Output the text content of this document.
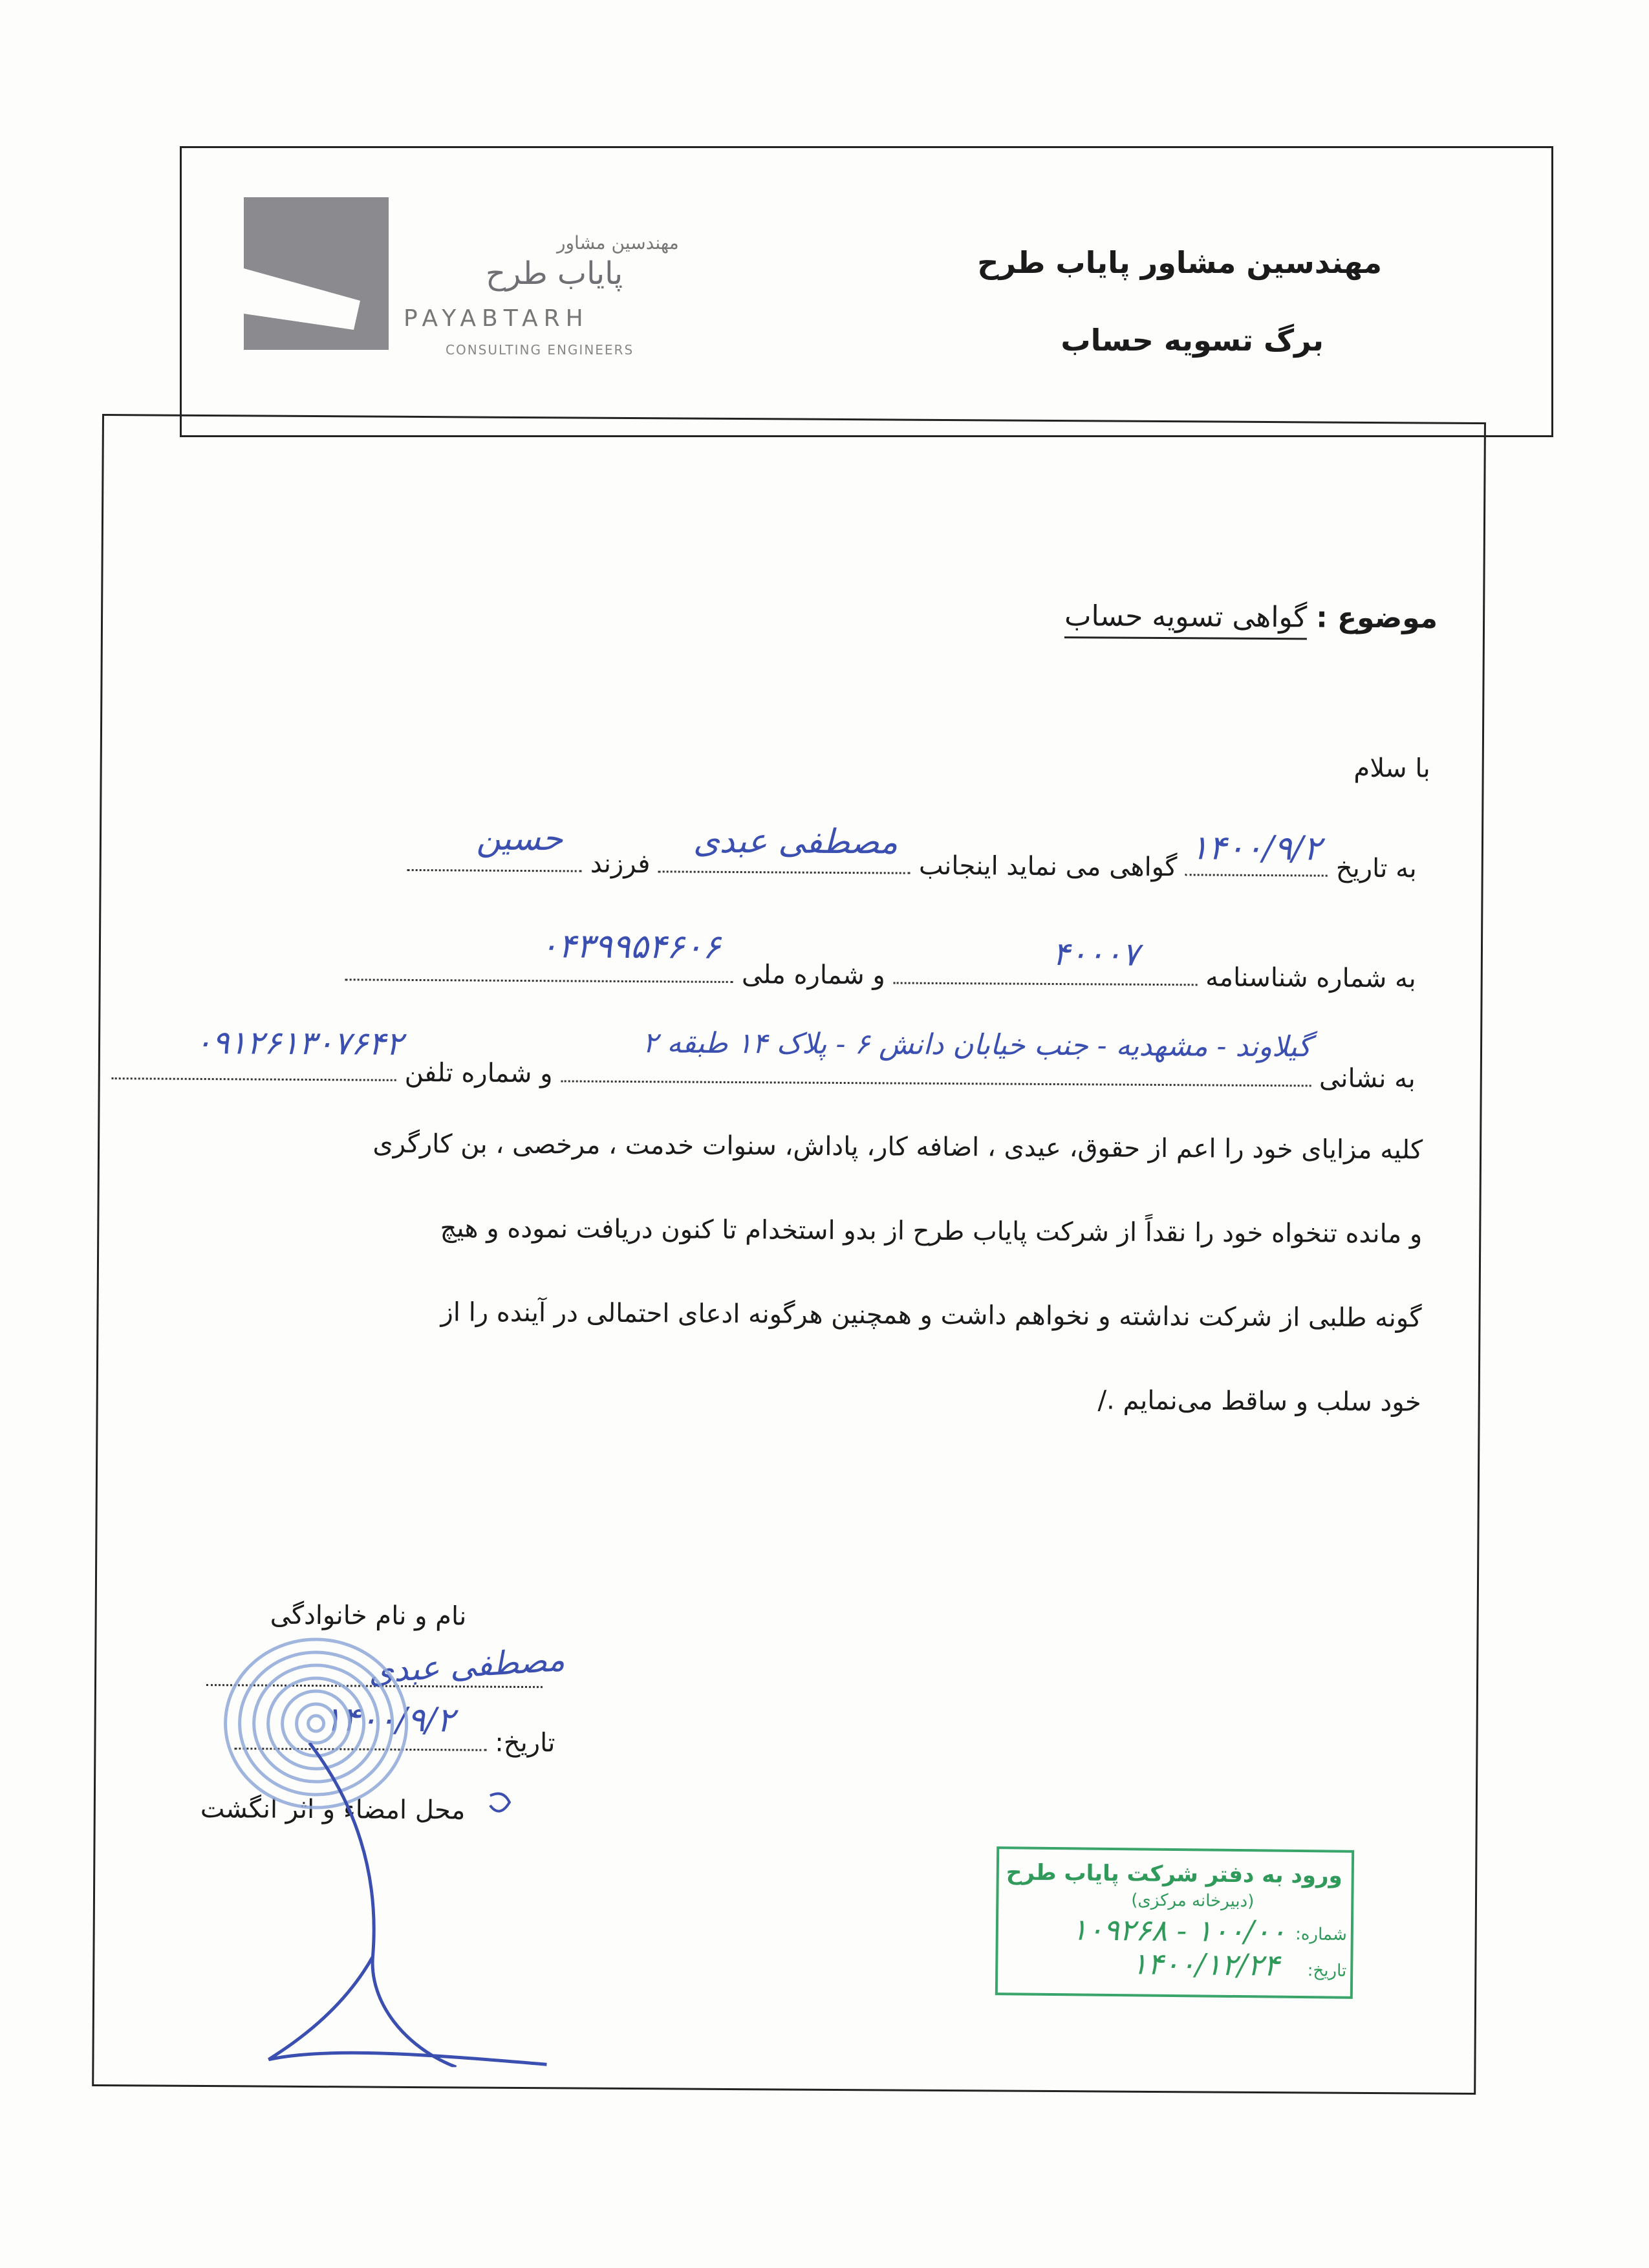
مهندسین مشاور
پایاب طرح
PAYABTARH
CONSULTING ENGINEERS
مهندسین مشاور پایاب طرح
برگ تسویه حساب
موضوع : گواهی تسویه حساب
با سلام
به تاریخ
۱۴۰۰/۹/۲
گواهی می نماید اینجانب
مصطفی عبدی
فرزند
حسین
به شماره شناسنامه
۴۰۰۰۷
و شماره ملی
۰۴۳۹۹۵۴۶۰۶
به نشانی
گیلاوند - مشهدیه - جنب خیابان دانش ۶ - پلاک ۱۴ طبقه ۲
و شماره تلفن
۰۹۱۲۶۱۳۰۷۶۴۲
کلیه مزایای خود را اعم از حقوق، عیدی ، اضافه کار، پاداش، سنوات خدمت ، مرخصی ، بن کارگری
و مانده تنخواه خود را نقداً از شرکت پایاب طرح از بدو استخدام تا کنون دریافت نموده و هیچ
گونه طلبی از شرکت نداشته و نخواهم داشت و همچنین هرگونه ادعای احتمالی در آینده را از
خود سلب و ساقط می‌نمایم ./
نام و نام خانوادگی
مصطفی عبدی
تاریخ:
۱۴۰۰/۹/۲
محل امضاء و اثر انگشت
ورود به دفتر شرکت پایاب طرح
(دبیرخانه مرکزی)
شماره:
۱۰۰/۰۰ - ۱۰۹۲۶۸
تاریخ:
۱۴۰۰/۱۲/۲۴
